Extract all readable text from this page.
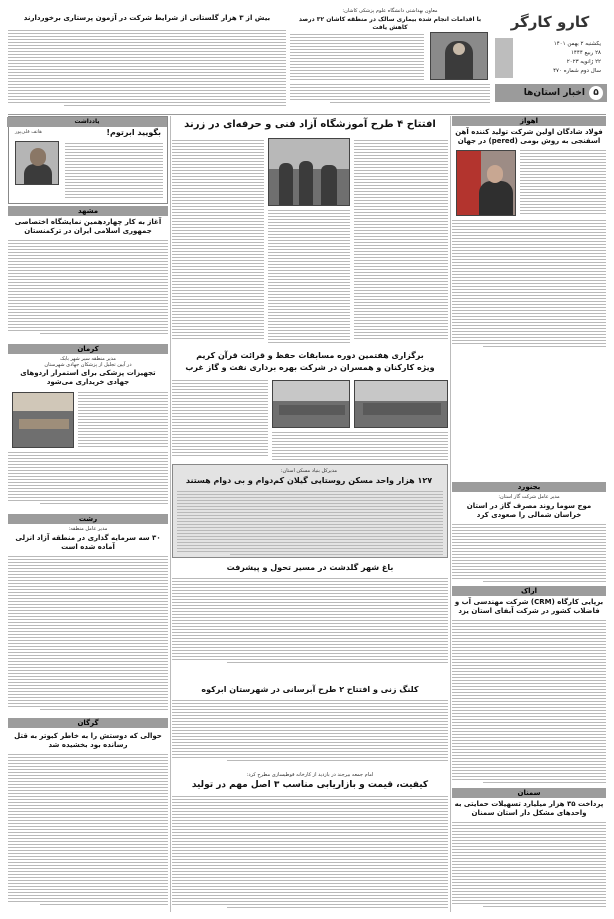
کارو کارگر
یکشنبه ۲ بهمن ۱۴۰۱
۲۸ ربیع ۱۴۴۴
۲۲ ژانویه ۲۰۲۳
سال دوم شماره ۴۷۰
اخبار استان‌ها ۵
معاون بهداشتی دانشگاه علوم پزشکی کاشان:
با اقدامات انجام شده بیماری سالک در منطقه کاشان ۳۲ درصد کاهش یافت
بیش از ۳ هزار گلستانی از شرایط شرکت در آزمون پرستاری برخوردارند
یادداشت
هاتف قلی‌پور	بگویید ابرتوم!
مشهد
آغاز به کار چهاردهمین نمایشگاه اختصاصی جمهوری اسلامی ایران در ترکمنستان
کرمان
مدیر منطقه سیر شهر بابک
در آیین تجلیل از پزشکان جهادی شهرستان
تجهیزات پزشکی برای استمرار اردوهای جهادی خریداری می‌شود
رشت
مدیر عامل منطقه:
۳۰ سه سرمایه گذاری در منطقه آزاد انزلی آماده شده است
گرگان
حوالی که دوستش را به خاطر کبوتر به قتل رسانده بود بخشیده شد
افتتاح ۴ طرح آموزشگاه آزاد فنی و حرفه‌ای در زرند
برگزاری هفتمین دوره مسابقات حفظ و قرائت قرآن کریم
ویژه کارکنان و همسران در شرکت بهره برداری نفت و گاز غرب
مدیرکل بنیاد مسکن استان:
۱۲۷ هزار واحد مسکن روستایی گیلان کم‌دوام و بی دوام هستند
باغ شهر گلدشت در مسیر تحول و پیشرفت
کلنگ زنی و افتتاح ۲ طرح آبرسانی در شهرستان ابرکوه
امام جمعه بیرجند در بازدید از کارخانه قوطیسازی مطرح کرد:
کیفیت، قیمت و بازاریابی مناسب ۳ اصل مهم در تولید
اهواز
فولاد شادگان اولین شرکت تولید کننده آهن اسفنجی به روش بومی (pered) در جهان
بجنورد
مدیر عامل شرکت گاز استان:
موج سوما روند مصرف گاز در استان خراسان شمالی را صعودی کرد
اراک
برپایی کارگاه (CRM) شرکت مهندسی آب و فاضلاب کشور در شرکت آبفای استان یزد
سمنان
پرداخت ۳۵ هزار میلیارد تسهیلات حمایتی به واحدهای مشکل دار استان سمنان
